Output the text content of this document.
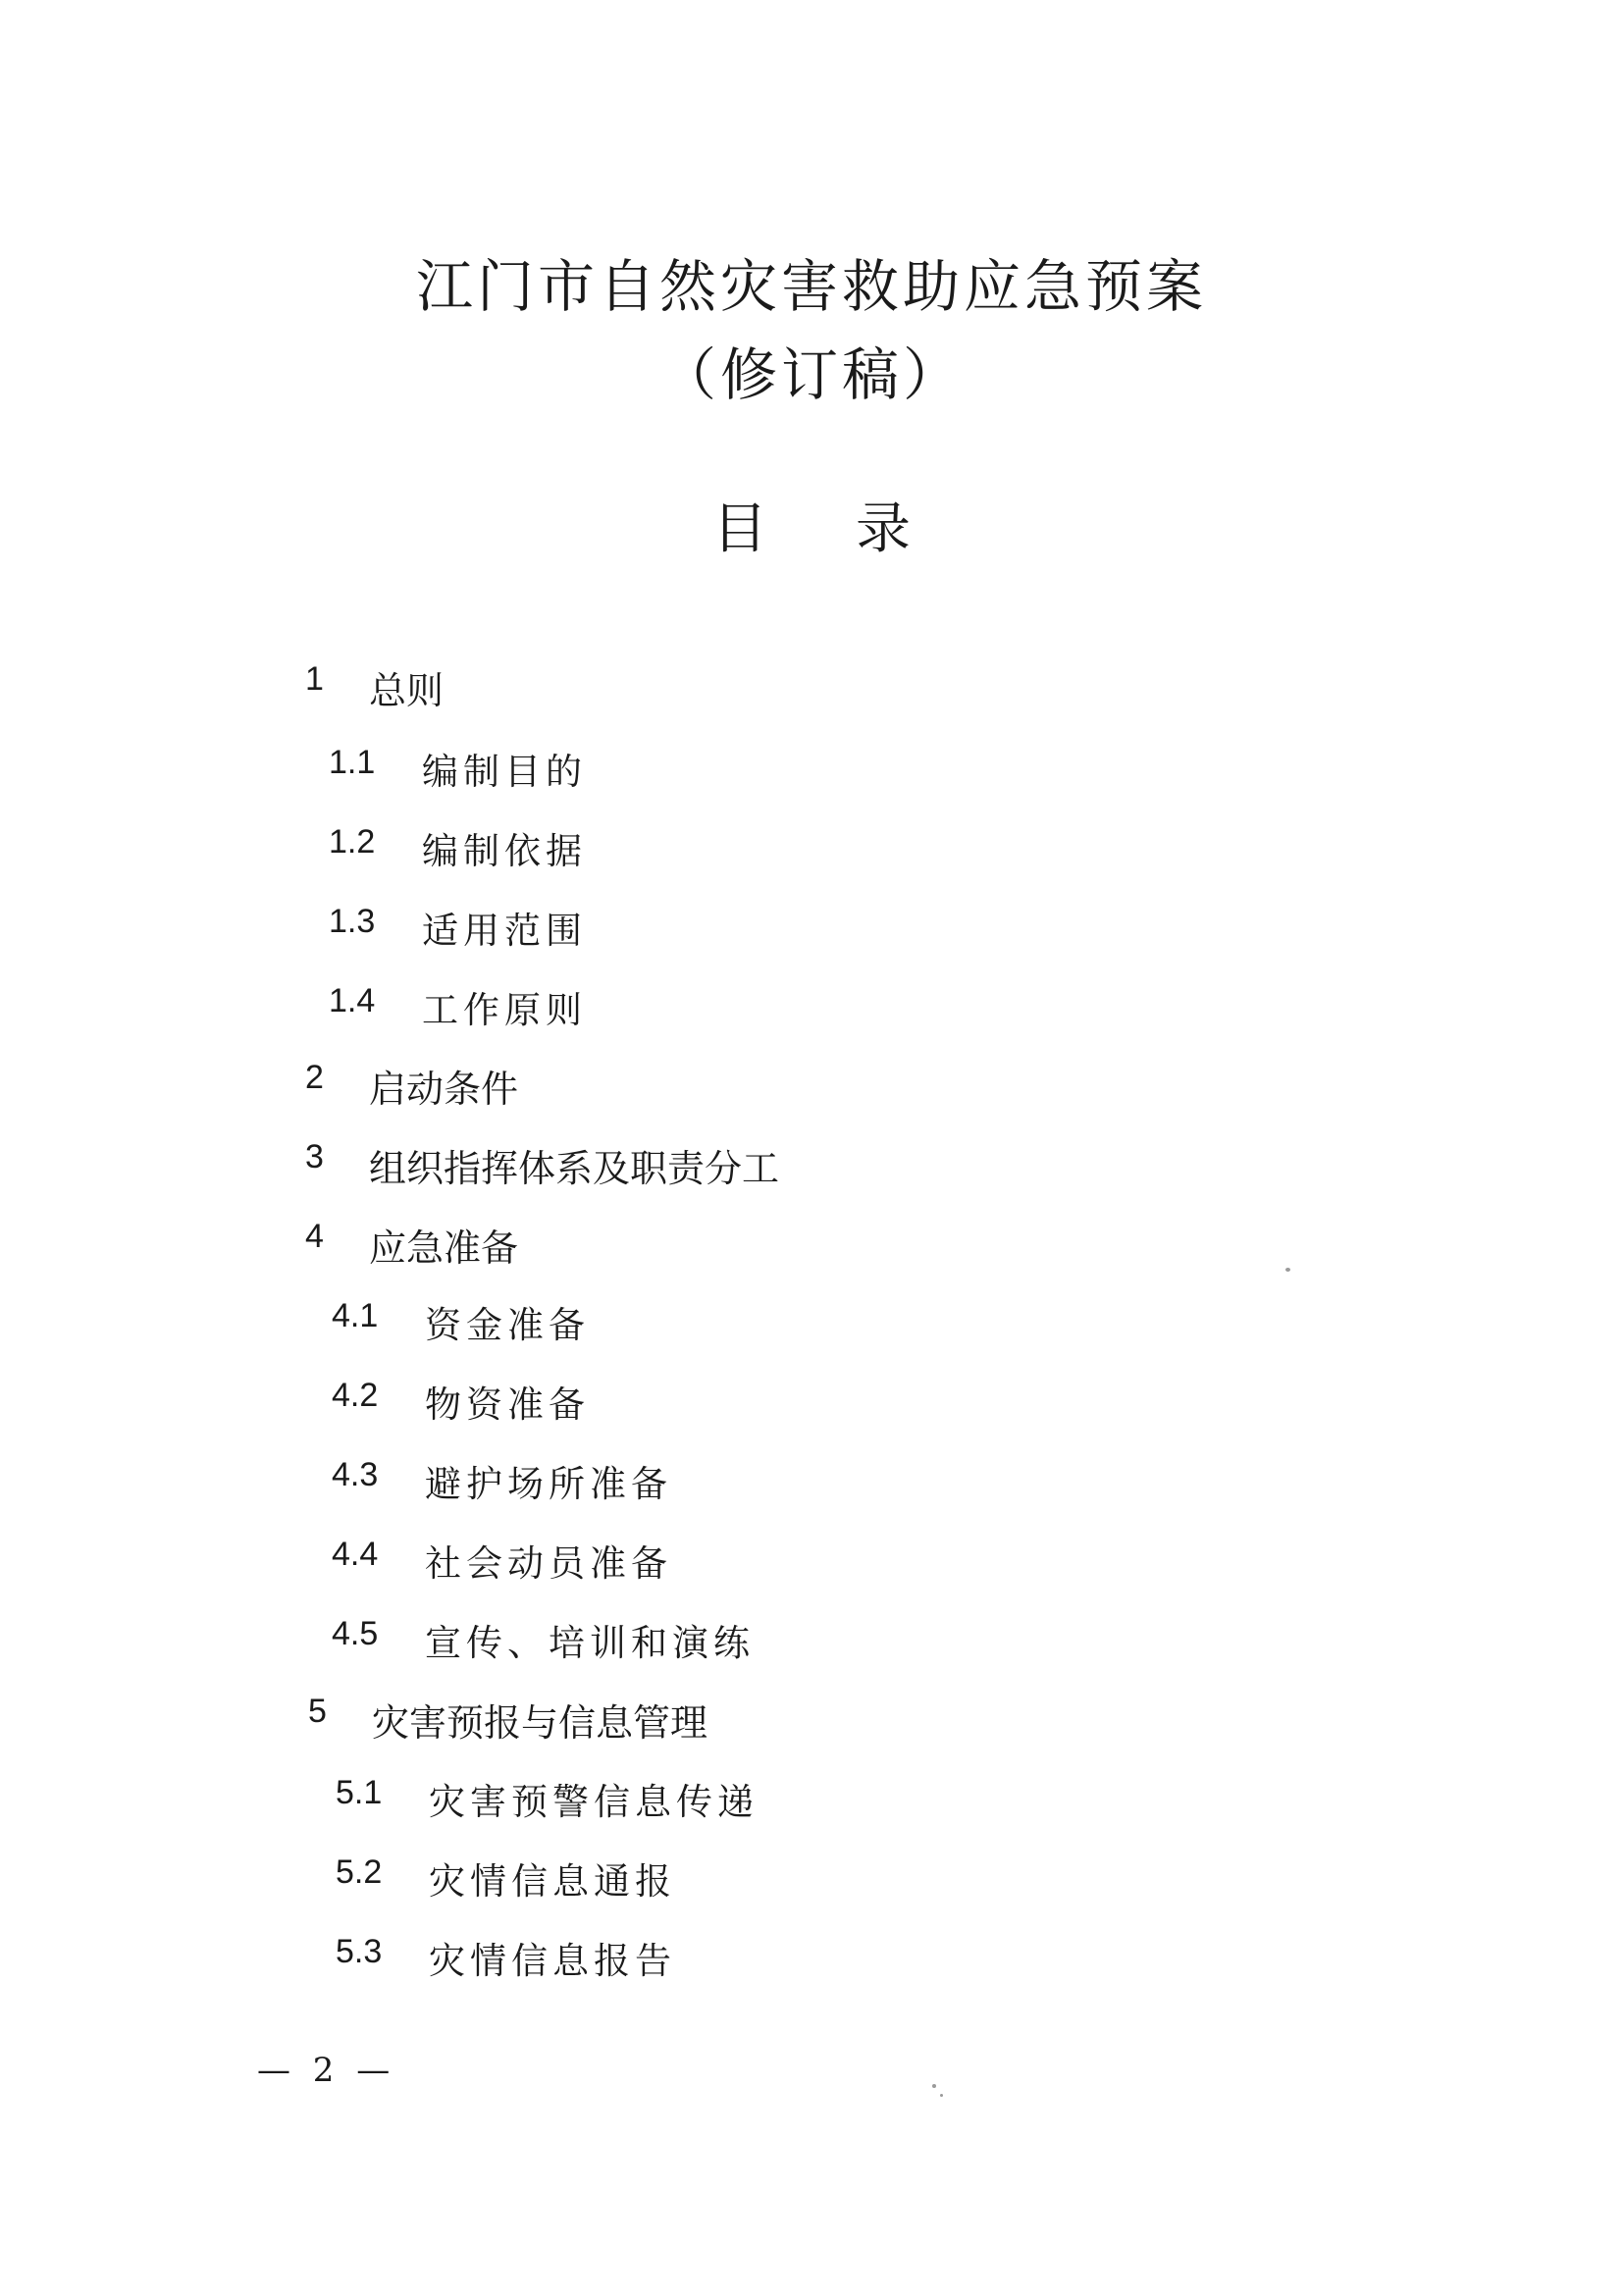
江门市自然灾害救助应急预案
（修订稿）
目 录
1 总则
1.1 编制目的
1.2 编制依据
1.3 适用范围
1.4 工作原则
2 启动条件
3 组织指挥体系及职责分工
4 应急准备
4.1 资金准备
4.2 物资准备
4.3 避护场所准备
4.4 社会动员准备
4.5 宣传、培训和演练
5 灾害预报与信息管理
5.1 灾害预警信息传递
5.2 灾情信息通报
5.3 灾情信息报告
— 2 —
